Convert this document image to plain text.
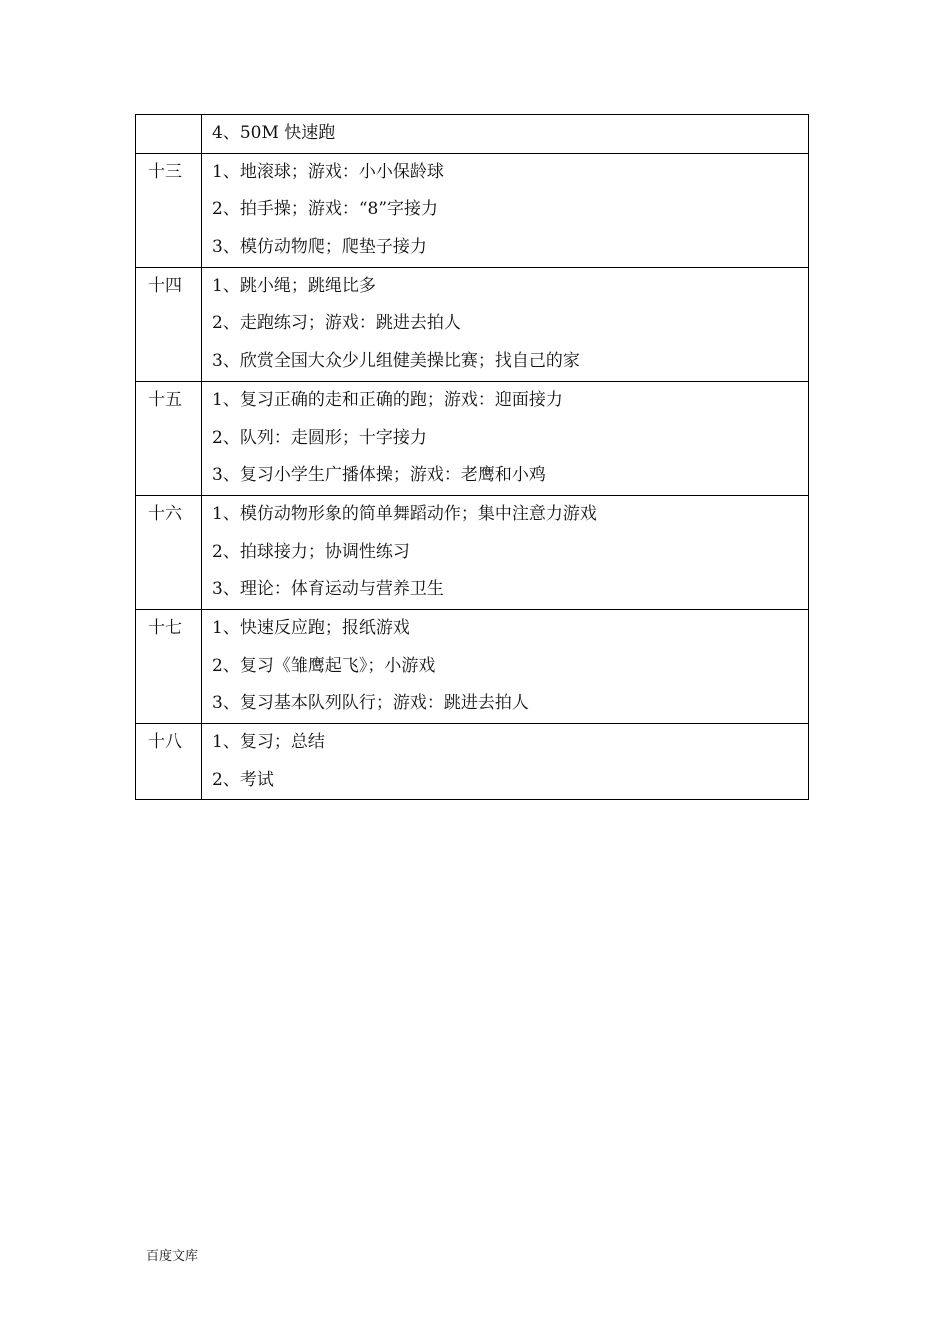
	4、50M 快速跑

十三	1、地滚球；游戏：小小保龄球
2、拍手操；游戏：“8”字接力
3、模仿动物爬；爬垫子接力

十四	1、跳小绳；跳绳比多
2、走跑练习；游戏：跳进去拍人
3、欣赏全国大众少儿组健美操比赛；找自己的家

十五	1、复习正确的走和正确的跑；游戏：迎面接力
2、队列：走圆形；十字接力
3、复习小学生广播体操；游戏：老鹰和小鸡

十六	1、模仿动物形象的简单舞蹈动作；集中注意力游戏
2、拍球接力；协调性练习
3、理论：体育运动与营养卫生

十七	1、快速反应跑；报纸游戏
2、复习《雏鹰起飞》；小游戏
3、复习基本队列队行；游戏：跳进去拍人

十八	1、复习；总结
2、考试
百度文库
